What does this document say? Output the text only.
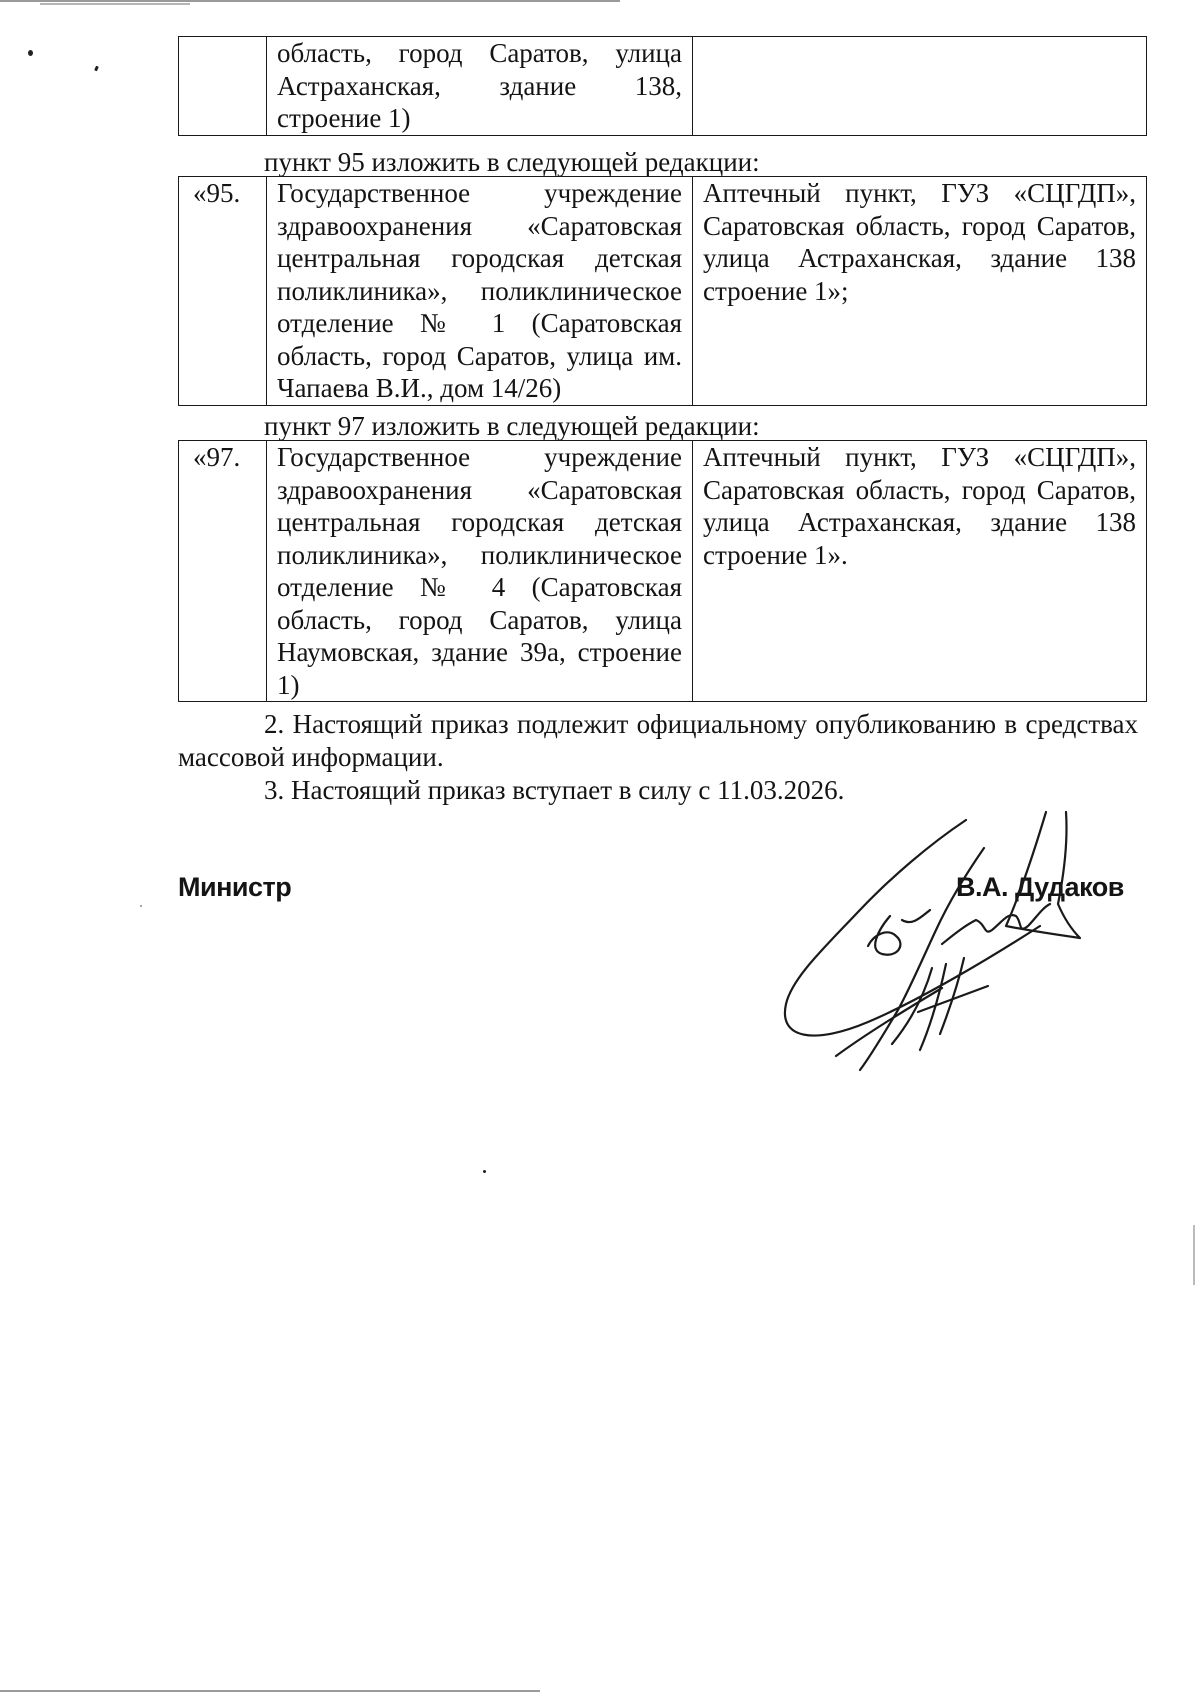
	область, город Саратов, улица Астраханская, здание 138, строение 1)	
пункт 95 изложить в следующей редакции:
«95.	Государственное учреждение здравоохранения «Саратовская центральная городская детская поликлиника», поликлиническое отделение № 1 (Саратовская область, город Саратов, улица им. Чапаева В.И., дом 14/26)	Аптечный пункт, ГУЗ «СЦГДП», Саратовская область, город Саратов, улица Астраханская, здание 138 строение 1»;
пункт 97 изложить в следующей редакции:
«97.	Государственное учреждение здравоохранения «Саратовская центральная городская детская поликлиника», поликлиническое отделение № 4 (Саратовская область, город Саратов, улица Наумовская, здание 39а, строение 1)	Аптечный пункт, ГУЗ «СЦГДП», Саратовская область, город Саратов, улица Астраханская, здание 138 строение 1».
2. Настоящий приказ подлежит официальному опубликованию в средствах массовой информации.
3. Настоящий приказ вступает в силу с 11.03.2026.
Министр	В.А. Дудаков
